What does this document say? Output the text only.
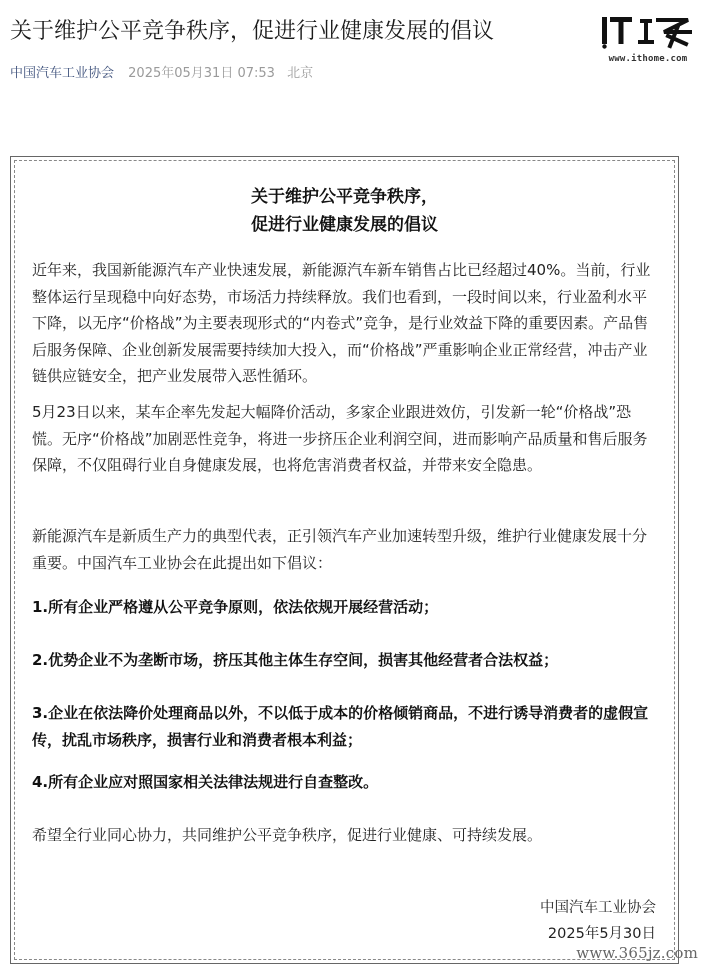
关于维护公平竞争秩序，促进行业健康发展的倡议
中国汽车工业协会 2025年05月31日 07:53 北京
www.ithome.com
关于维护公平竞争秩序，
促进行业健康发展的倡议

近年来，我国新能源汽车产业快速发展，新能源汽车新车销售占比已经超过40%。当前，行业整体运行呈现稳中向好态势，市场活力持续释放。我们也看到，一段时间以来，行业盈利水平下降，以无序“价格战”为主要表现形式的“内卷式”竞争，是行业效益下降的重要因素。产品售后服务保障、企业创新发展需要持续加大投入，而“价格战”严重影响企业正常经营，冲击产业链供应链安全，把产业发展带入恶性循环。

5月23日以来，某车企率先发起大幅降价活动，多家企业跟进效仿，引发新一轮“价格战”恐慌。无序“价格战”加剧恶性竞争，将进一步挤压企业利润空间，进而影响产品质量和售后服务保障，不仅阻碍行业自身健康发展，也将危害消费者权益，并带来安全隐患。

新能源汽车是新质生产力的典型代表，正引领汽车产业加速转型升级，维护行业健康发展十分重要。中国汽车工业协会在此提出如下倡议：

1.所有企业严格遵从公平竞争原则，依法依规开展经营活动；

2.优势企业不为垄断市场，挤压其他主体生存空间，损害其他经营者合法权益；

3.企业在依法降价处理商品以外，不以低于成本的价格倾销商品，不进行诱导消费者的虚假宣传，扰乱市场秩序，损害行业和消费者根本利益；

4.所有企业应对照国家相关法律法规进行自查整改。

希望全行业同心协力，共同维护公平竞争秩序，促进行业健康、可持续发展。

中国汽车工业协会
2025年5月30日
www.365jz.com
